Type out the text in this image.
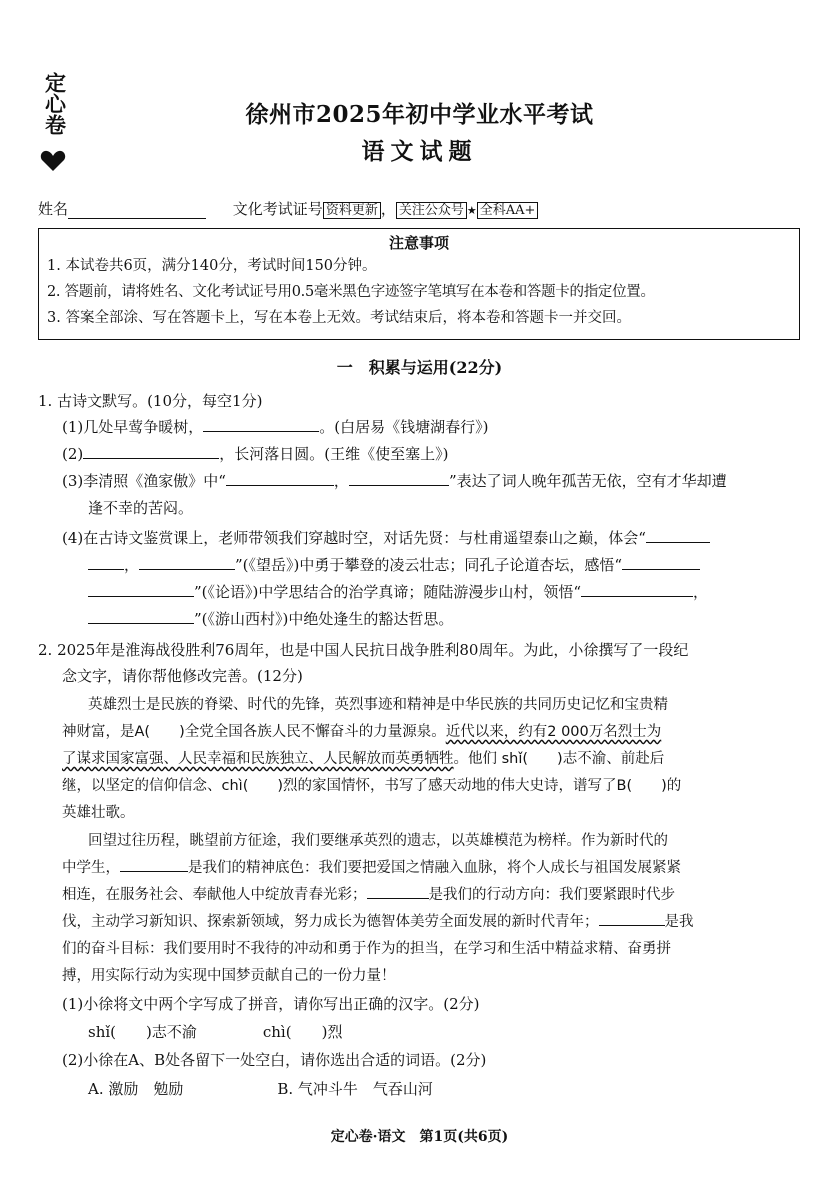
定心卷	徐州市2025年初中学业水平考试
语文试题
姓名	文化考试证号 资料更新 ， 关注公众号 ★ 全科AA+
注意事项
1. 本试卷共6页，满分140分，考试时间150分钟。
2. 答题前，请将姓名、文化考试证号用0.5毫米黑色字迹签字笔填写在本卷和答题卡的指定位置。
3. 答案全部涂、写在答题卡上，写在本卷上无效。考试结束后，将本卷和答题卡一并交回。
一　积累与运用(22分)
1. 古诗文默写。(10分，每空1分)
(1)几处早莺争暖树，	。(白居易《钱塘湖春行》)
(2)	，长河落日圆。(王维《使至塞上》)
(3)李清照《渔家傲》中“	，	”表达了词人晚年孤苦无依，空有才华却遭
逢不幸的苦闷。
(4)在古诗文鉴赏课上，老师带领我们穿越时空，对话先贤：与杜甫遥望泰山之巅，体会“
，	”(《望岳》)中勇于攀登的凌云壮志；同孔子论道杏坛，感悟“
”(《论语》)中学思结合的治学真谛；随陆游漫步山村，领悟“	，
”(《游山西村》)中绝处逢生的豁达哲思。
2. 2025年是淮海战役胜利76周年，也是中国人民抗日战争胜利80周年。为此，小徐撰写了一段纪
念文字，请你帮他修改完善。(12分)
英雄烈士是民族的脊梁、时代的先锋，英烈事迹和精神是中华民族的共同历史记忆和宝贵精
神财富，是A(　　)全党全国各族人民不懈奋斗的力量源泉。近代以来，约有2 000万名烈士为
了谋求国家富强、人民幸福和民族独立、人民解放而英勇牺牲。他们 shǐ(　　)志不渝、前赴后
继，以坚定的信仰信念、chì(　　)烈的家国情怀，书写了感天动地的伟大史诗，谱写了B(　　)的
英雄壮歌。
回望过往历程，眺望前方征途，我们要继承英烈的遗志，以英雄模范为榜样。作为新时代的
中学生，	是我们的精神底色：我们要把爱国之情融入血脉，将个人成长与祖国发展紧紧
相连，在服务社会、奉献他人中绽放青春光彩；	是我们的行动方向：我们要紧跟时代步
伐，主动学习新知识、探索新领域，努力成长为德智体美劳全面发展的新时代青年；	是我
们的奋斗目标：我们要用时不我待的冲动和勇于作为的担当，在学习和生活中精益求精、奋勇拼
搏，用实际行动为实现中国梦贡献自己的一份力量！
(1)小徐将文中两个字写成了拼音，请你写出正确的汉字。(2分)
shǐ(　　)志不渝	chì(　　)烈
(2)小徐在A、B处各留下一处空白，请你选出合适的词语。(2分)
A. 激励　勉励	B. 气冲斗牛　气吞山河
定心卷·语文　第1页(共6页)
